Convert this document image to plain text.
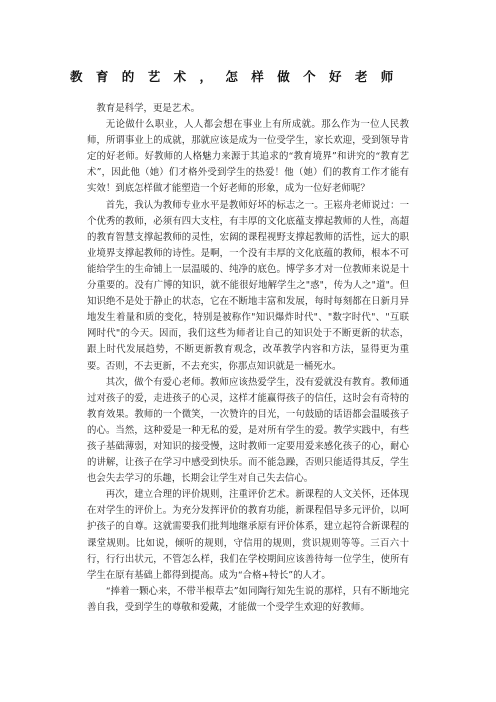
教育的艺术，怎样做个好老师

教育是科学，更是艺术。

无论做什么职业，人人都会想在事业上有所成就。那么作为一位人民教师，所谓事业上的成就，那就应该是成为一位受学生，家长欢迎，受到领导肯定的好老师。好教师的人格魅力来源于其追求的“教育境界”和讲究的“教育艺术”，因此他（她）们才格外受到学生的热爱！他（她）们的教育工作才能有实效！到底怎样做才能塑造一个好老师的形象，成为一位好老师呢？

首先，我认为教师专业水平是教师好坏的标志之一。王崧舟老师说过：一个优秀的教师，必须有四大支柱，有丰厚的文化底蕴支撑起教师的人性，高超的教育智慧支撑起教师的灵性，宏阔的课程视野支撑起教师的活性，远大的职业境界支撑起教师的诗性。是啊，一个没有丰厚的文化底蕴的教师，根本不可能给学生的生命铺上一层温暖的、纯净的底色。博学多才对一位教师来说是十分重要的。没有广博的知识，就不能很好地解学生之"惑"，传为人之"道"。但知识绝不是处于静止的状态，它在不断地丰富和发展，每时每刻都在日新月异地发生着量和质的变化，特别是被称作"知识爆炸时代"、"数字时代"、"互联网时代"的今天。因而，我们这些为师者让自己的知识处于不断更新的状态，跟上时代发展趋势，不断更新教育观念，改革教学内容和方法，显得更为重要。否则，不去更新，不去充实，你那点知识就是一桶死水。

其次，做个有爱心老师。教师应该热爱学生，没有爱就没有教育。教师通过对孩子的爱，走进孩子的心灵，这样才能赢得孩子的信任，这时会有奇特的教育效果。教师的一个微笑，一次赞许的目光，一句鼓励的话语都会温暖孩子的心。当然，这种爱是一种无私的爱，是对所有学生的爱。教学实践中，有些孩子基础薄弱，对知识的接受慢，这时教师一定要用爱来感化孩子的心，耐心的讲解，让孩子在学习中感受到快乐。而不能急躁，否则只能适得其反，学生也会失去学习的乐趣，长期会让学生对自己失去信心。

再次，建立合理的评价规则，注重评价艺术。新课程的人文关怀，还体现在对学生的评价上。为充分发挥评价的教育功能，新课程倡导多元评价，以呵护孩子的自尊。这就需要我们批判地继承原有评价体系，建立起符合新课程的课堂规则。比如说，倾听的规则，守信用的规则，赏识规则等等。三百六十行，行行出状元，不管怎么样，我们在学校期间应该善待每一位学生，使所有学生在原有基础上都得到提高。成为“合格+特长”的人才。

“捧着一颗心来，不带半根草去”如同陶行知先生说的那样，只有不断地完善自我，受到学生的尊敬和爱戴，才能做一个受学生欢迎的好教师。
